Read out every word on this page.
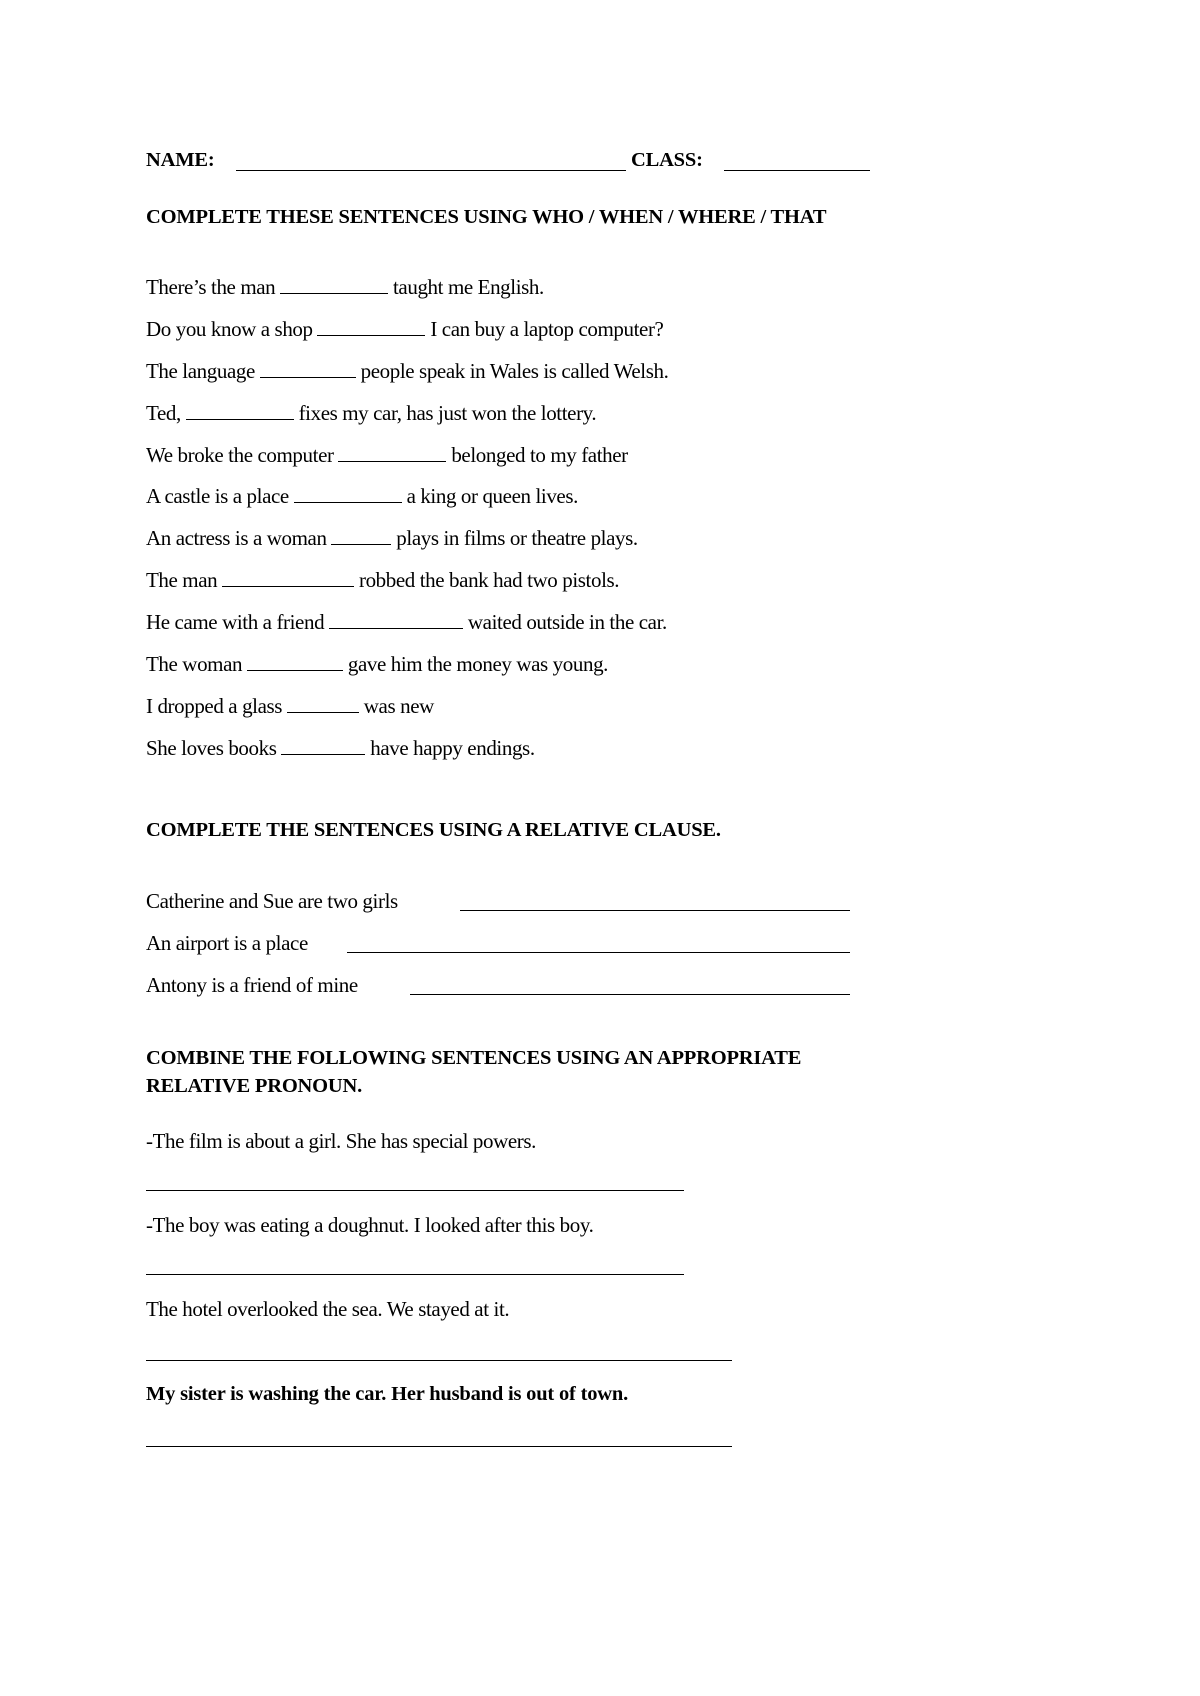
NAME:	CLASS:
COMPLETE THESE SENTENCES USING WHO / WHEN / WHERE / THAT
There’s the man	taught me English.
Do you know a shop	I can buy a laptop computer?
The language	people speak in Wales is called Welsh.
Ted,	fixes my car, has just won the lottery.
We broke the computer	belonged to my father
A castle is a place	a king or queen lives.
An actress is a woman	plays in films or theatre plays.
The man	robbed the bank had two pistols.
He came with a friend	waited outside in the car.
The woman	gave him the money was young.
I dropped a glass	was new
She loves books	have happy endings.
COMPLETE THE SENTENCES USING A RELATIVE CLAUSE.
Catherine and Sue are two girls
An airport is a place
Antony is a friend of mine
COMBINE THE FOLLOWING SENTENCES USING AN APPROPRIATE
RELATIVE PRONOUN.
-The film is about a girl. She has special powers.
-The boy was eating a doughnut. I looked after this boy.
The hotel overlooked the sea. We stayed at it.
My sister is washing the car. Her husband is out of town.
